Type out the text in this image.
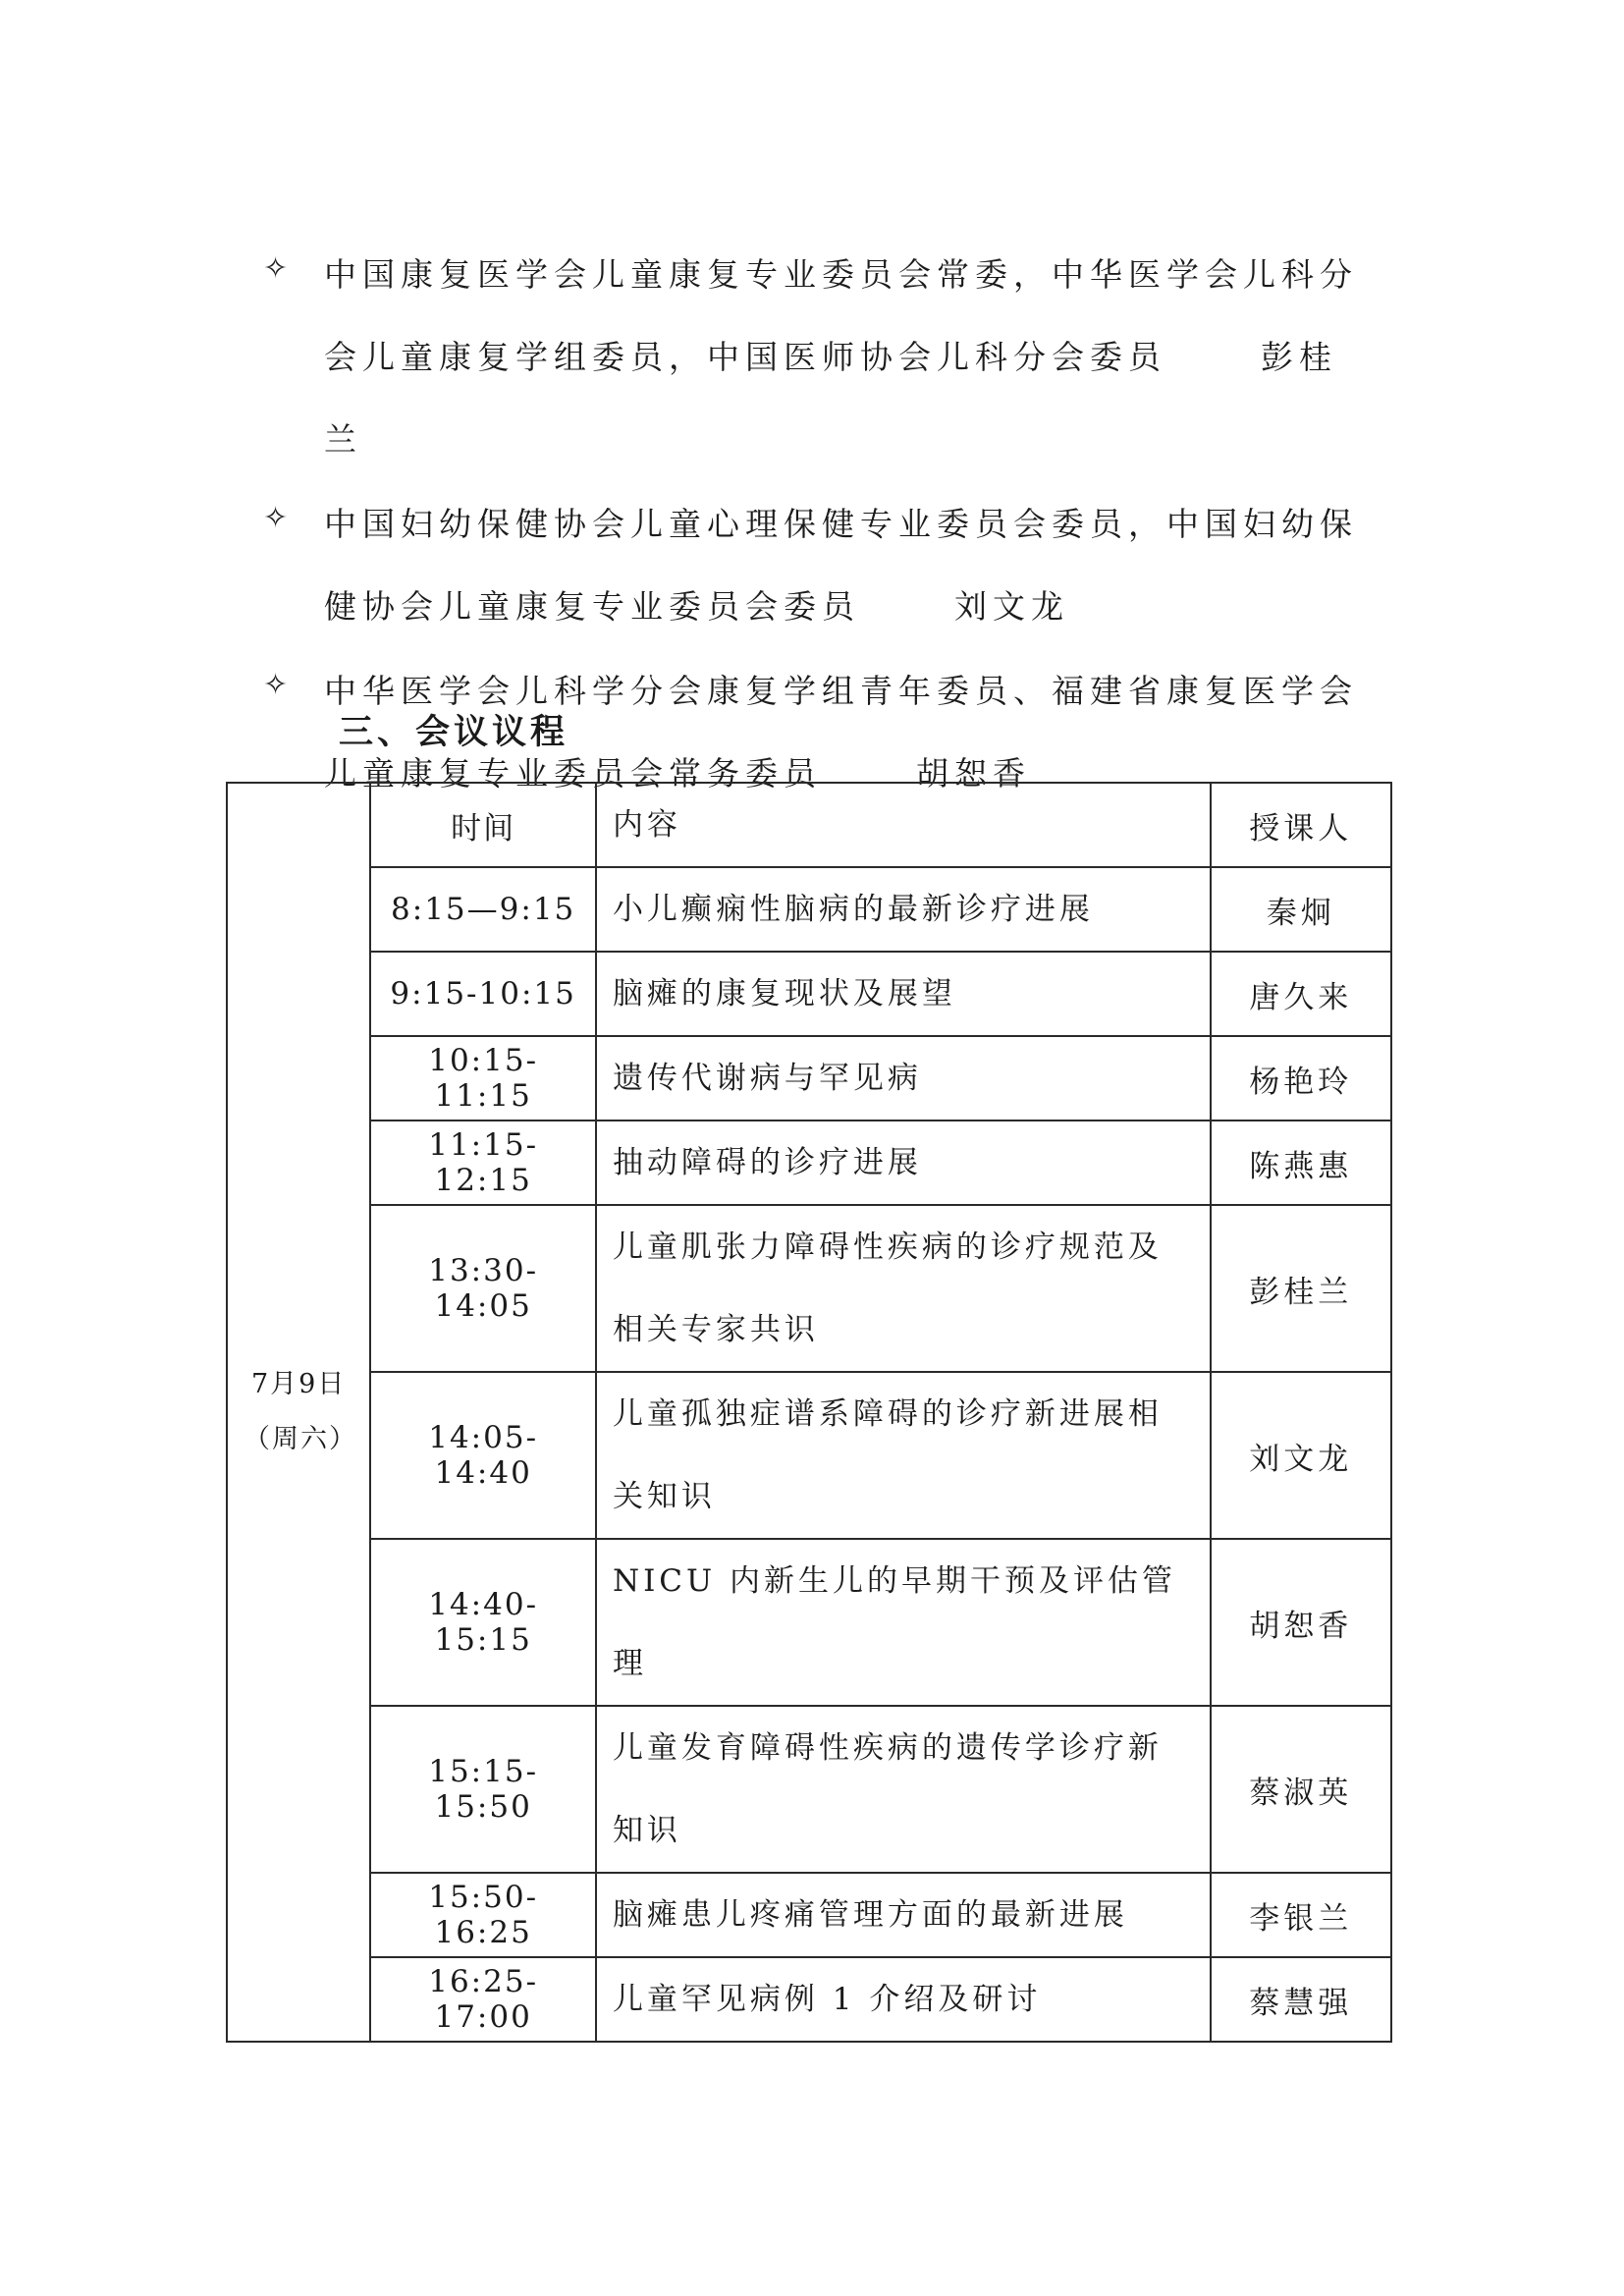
✧ 中国康复医学会儿童康复专业委员会常委，中华医学会儿科分会儿童康复学组委员，中国医师协会儿科分会委员	彭桂兰
✧ 中国妇幼保健协会儿童心理保健专业委员会委员，中国妇幼保健协会儿童康复专业委员会委员	刘文龙
✧ 中华医学会儿科学分会康复学组青年委员、福建省康复医学会儿童康复专业委员会常务委员	胡恕香
三、会议议程
7月9日
（周六）	时间	内容	授课人
	8:15—9:15	小儿癫痫性脑病的最新诊疗进展	秦炯
	9:15-10:15	脑瘫的康复现状及展望	唐久来
	10:15-11:15	遗传代谢病与罕见病	杨艳玲
	11:15-12:15	抽动障碍的诊疗进展	陈燕惠
	13:30-14:05	儿童肌张力障碍性疾病的诊疗规范及相关专家共识	彭桂兰
	14:05-14:40	儿童孤独症谱系障碍的诊疗新进展相关知识	刘文龙
	14:40-15:15	NICU 内新生儿的早期干预及评估管理	胡恕香
	15:15-15:50	儿童发育障碍性疾病的遗传学诊疗新知识	蔡淑英
	15:50-16:25	脑瘫患儿疼痛管理方面的最新进展	李银兰
	16:25-17:00	儿童罕见病例 1 介绍及研讨	蔡慧强
